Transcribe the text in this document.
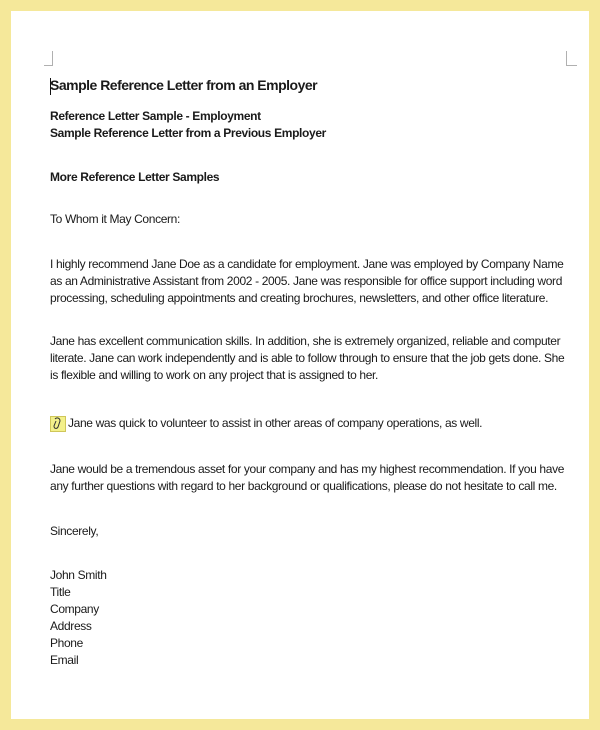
Sample Reference Letter from an Employer
Reference Letter Sample - Employment
Sample Reference Letter from a Previous Employer
More Reference Letter Samples
To Whom it May Concern:

I highly recommend Jane Doe as a candidate for employment. Jane was employed by Company Name as an Administrative Assistant from 2002 - 2005. Jane was responsible for office support including word processing, scheduling appointments and creating brochures, newsletters, and other office literature.

Jane has excellent communication skills. In addition, she is extremely organized, reliable and computer literate. Jane can work independently and is able to follow through to ensure that the job gets done. She is flexible and willing to work on any project that is assigned to her.

Jane was quick to volunteer to assist in other areas of company operations, as well.

Jane would be a tremendous asset for your company and has my highest recommendation. If you have any further questions with regard to her background or qualifications, please do not hesitate to call me.

Sincerely,
John Smith
Title
Company
Address
Phone
Email
